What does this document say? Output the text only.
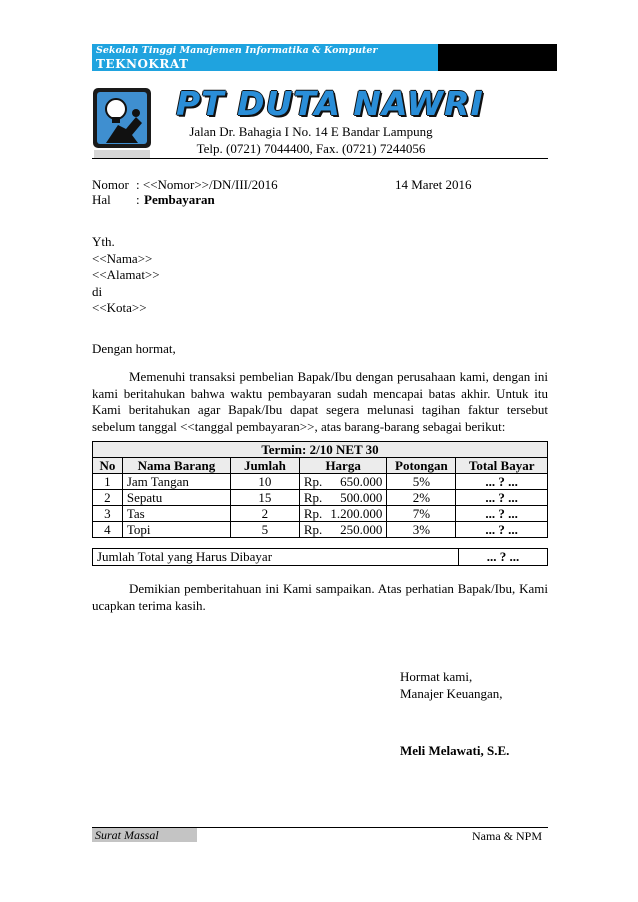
Sekolah Tinggi Manajemen Informatika & Komputer
TEKNOKRAT
PT DUTA NAWRI
Jalan Dr. Bahagia I No. 14 E Bandar Lampung
Telp. (0721) 7044400, Fax. (0721) 7244056
Nomor : <<Nomor>>/DN/III/2016	14 Maret 2016
Hal : Pembayaran
Yth.
<<Nama>>
<<Alamat>>
di
<<Kota>>
Dengan hormat,
Memenuhi transaksi pembelian Bapak/Ibu dengan perusahaan kami, dengan ini kami beritahukan bahwa waktu pembayaran sudah mencapai batas akhir. Untuk itu Kami beritahukan agar Bapak/Ibu dapat segera melunasi tagihan faktur tersebut sebelum tanggal <<tanggal pembayaran>>, atas barang-barang sebagai berikut:
Termin: 2/10 NET 30					
No	Nama Barang	Jumlah	Harga	Potongan	Total Bayar
1	Jam Tangan	10	Rp. 650.000	5%	... ? ...
2	Sepatu	15	Rp. 500.000	2%	... ? ...
3	Tas	2	Rp. 1.200.000	7%	... ? ...
4	Topi	5	Rp. 250.000	3%	... ? ...
Jumlah Total yang Harus Dibayar	... ? ...
Demikian pemberitahuan ini Kami sampaikan. Atas perhatian Bapak/Ibu, Kami ucapkan terima kasih.
Hormat kami,
Manajer Keuangan,
Meli Melawati, S.E.
Surat Massal	Nama & NPM
